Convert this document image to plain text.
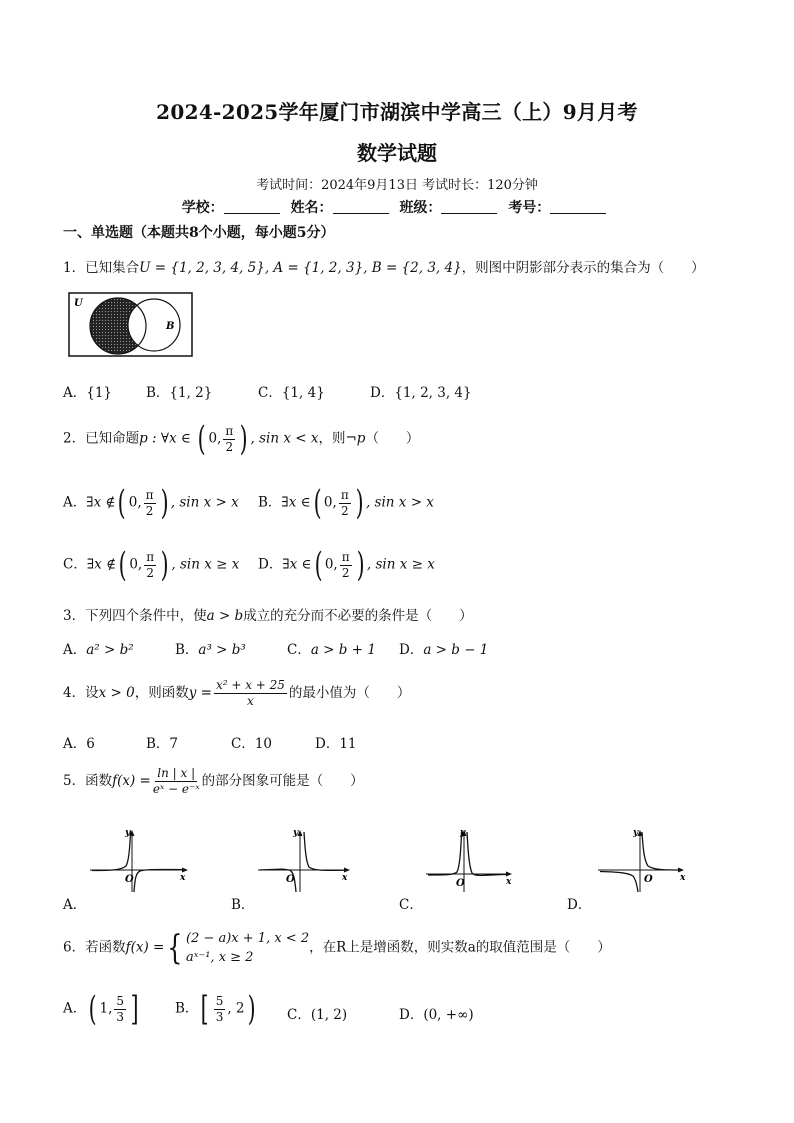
2024-2025学年厦门市湖滨中学高三（上）9月月考
数学试题
考试时间：2024年9月13日 考试时长：120分钟
学校：	姓名：	班级：	考号：
一、单选题（本题共8个小题，每小题5分）
1．已知集合U = {1, 2, 3, 4, 5}, A = {1, 2, 3}, B = {2, 3, 4}，则图中阴影部分表示的集合为（　　）
U
B
A．{1}	B．{1, 2}	C．{1, 4}	D．{1, 2, 3, 4}
2．已知命题p : ∀x ∈ ( 0, $\frac{\pi}{2}$ ) , sin x < x，则¬p（　　）
A．∃x ∉( 0, $\frac{\pi}{2}$ ) , sin x > x B．∃x ∈( 0, $\frac{\pi}{2}$ ) , sin x > x
C．∃x ∉( 0, $\frac{\pi}{2}$ ) , sin x ≥ x D．∃x ∈( 0, $\frac{\pi}{2}$ ) , sin x ≥ x
3．下列四个条件中，使a > b成立的充分而不必要的条件是（　　）
A．a² > b²	B．a³ > b³	C．a > b + 1 D．a > b − 1
4．设x > 0，则函数$y = \frac{\text{x² + x + 25}}{x}$ 的最小值为（　　）
A．6	B．7	C．10	D．11
5．函数$f(x) = \frac{\ln | x |}{\text{eˣ − e⁻ˣ}}$ 的部分图象可能是（　　）
y
x
O
A．
y
x
O
B．
y
x
O
C．
y
x
O
D．
6．若函数f(x) ={ (2 − a)x + 1, x < 2
aˣ⁻¹, x ≥ 2
，在R上是增函数，则实数a的取值范围是（　　）
A．( 1, $\frac{5}{3}$ ]	B．[ $\frac{5}{3}$ , 2) C．(1, 2)	D．(0, +∞)
